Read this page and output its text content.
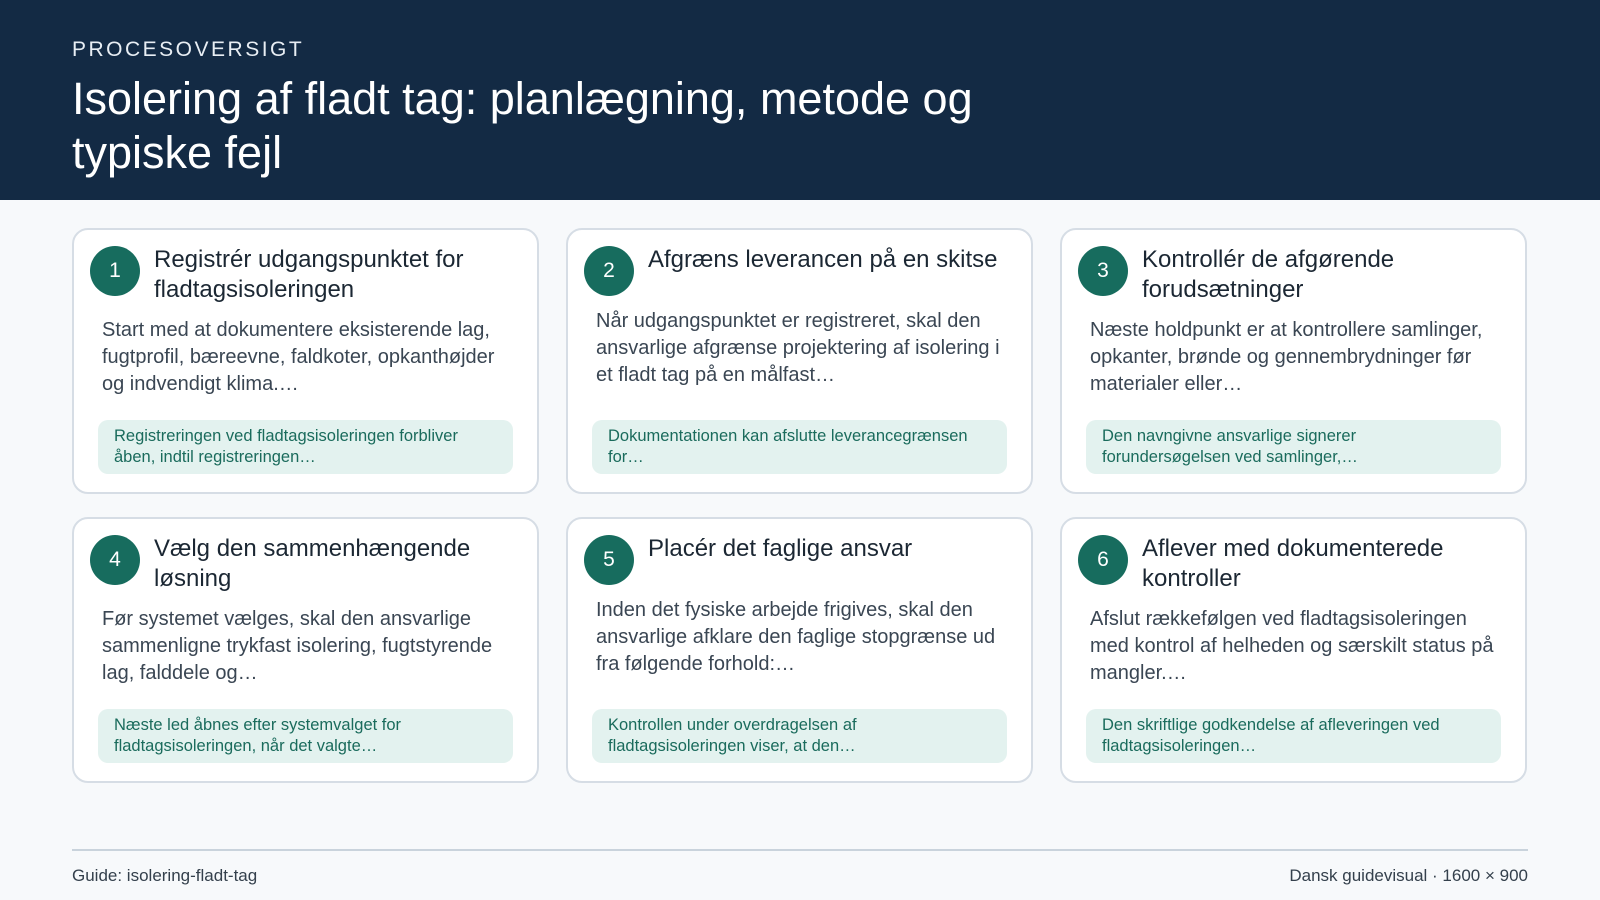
PROCESOVERSIGT
Isolering af fladt tag: planlægning, metode og typiske fejl
1	Registrér udgangspunktet for fladtagsisoleringen
Start med at dokumentere eksisterende lag, fugtprofil, bæreevne, faldkoter, opkanthøjder og indvendigt klima.…
Registreringen ved fladtagsisoleringen forbliver åben, indtil registreringen…
2	Afgræns leverancen på en skitse
Når udgangspunktet er registreret, skal den ansvarlige afgrænse projektering af isolering i et fladt tag på en målfast…
Dokumentationen kan afslutte leverancegrænsen for…
3	Kontrollér de afgørende forudsætninger
Næste holdpunkt er at kontrollere samlinger, opkanter, brønde og gennembrydninger før materialer eller…
Den navngivne ansvarlige signerer forundersøgelsen ved samlinger,…
4	Vælg den sammenhængende løsning
Før systemet vælges, skal den ansvarlige sammenligne trykfast isolering, fugtstyrende lag, falddele og…
Næste led åbnes efter systemvalget for fladtagsisoleringen, når det valgte…
5	Placér det faglige ansvar
Inden det fysiske arbejde frigives, skal den ansvarlige afklare den faglige stopgrænse ud fra følgende forhold:…
Kontrollen under overdragelsen af fladtagsisoleringen viser, at den…
6	Aflever med dokumenterede kontroller
Afslut rækkefølgen ved fladtagsisoleringen med kontrol af helheden og særskilt status på mangler.…
Den skriftlige godkendelse af afleveringen ved fladtagsisoleringen…
Guide: isolering-fladt-tag	Dansk guidevisual · 1600 × 900
